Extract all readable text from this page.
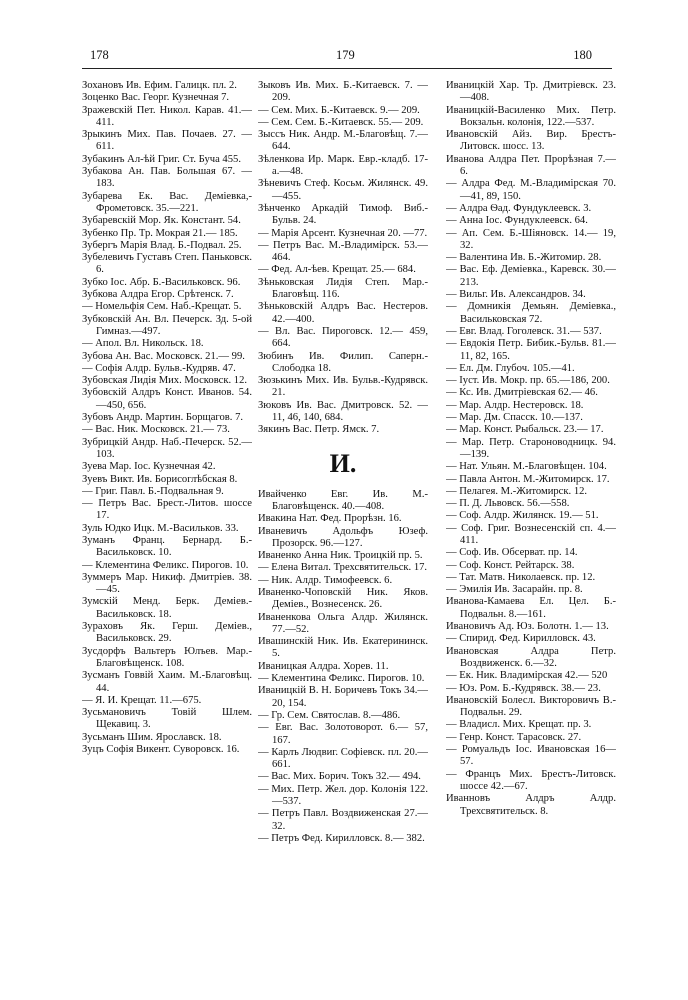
178	179	180

Зохановъ Ив. Ефим. Галицк. пл. 2.

Зоценко Вас. Георг. Кузнечная 7.

Зражевскій Пет. Никол. Карав. 41.—411.

Зрыкинъ Мих. Пав. Почаев. 27. —611.

Зубакинъ Ал-ѣй Григ. Ст. Буча 455.

Зубакова Ан. Пав. Большая 67. —183.

Зубарева Ек. Вас. Деміевка,-Фрометовск. 35.—221.

Зубаревскій Мор. Як. Констант. 54.

Зубенко Пр. Тр. Мокрая 21.— 185.

Зубергъ Марія Влад. Б.-Подвал. 25.

Зубелевичъ Густавъ Степ. Паньковск. 6.

Зубко Іос. Абр. Б.-Васильковск. 96.

Зубкова Алдра Егор. Срѣтенск. 7.

— Номельфія Сем. Наб.-Крещат. 5.

Зубковскій Ан. Вл. Печерск. Зд. 5-ой Гимназ.—497.

— Апол. Вл. Никольск. 18.

Зубова Ан. Вас. Московск. 21.— 99.

— Софія Алдр. Бульв.-Кудряв. 47.

Зубовская Лидія Мих. Московск. 12.

Зубовскій Алдръ Конст. Иванов. 54.—450, 656.

Зубовъ Андр. Мартин. Борщагов. 7.

— Вас. Ник. Московск. 21.— 73.

Зубрицкій Андр. Наб.-Печерск. 52.—103.

Зуева Мар. Іос. Кузнечная 42.

Зуевъ Викт. Ив. Борисоглѣбская 8.

— Григ. Павл. Б.-Подвальная 9.

— Петръ Вас. Брест.-Литов. шоссе 17.

Зуль Юдко Ицк. М.-Васильков. 33.

Зуманъ Франц. Бернард. Б.-Васильковск. 10.

— Клементина Феликс. Пирогов. 10.

Зуммеръ Мар. Никиф. Дмитріев. 38.—45.

Зумскій Менд. Берк. Деміев.-Васильковск. 18.

Зураховъ Як. Герш. Деміев., Васильковск. 29.

Зусдорфъ Вальтеръ Юлъев. Мар.-Благовѣщенск. 108.

Зусманъ Говвій Хаим. М.-Благовѣщ. 44.

— Я. И. Крещат. 11.—675.

Зусьмановичъ Товій Шлем. Щекавиц. 3.

Зусьманъ Шим. Ярославск. 18.

Зуцъ Софія Викент. Суворовск. 16.

Зыковъ Ив. Мих. Б.-Китаевск. 7. —209.

— Сем. Мих. Б.-Китаевск. 9.— 209.

— Сем. Сем. Б.-Китаевск. 55.— 209.

Зыссъ Ник. Андр. М.-Благовѣщ. 7.—644.

Зѣленкова Ир. Марк. Евр.-кладб. 17-а.—48.

Зѣневичъ Стеф. Косьм. Жилянск. 49.—455.

Зѣнченко Аркадій Тимоф. Виб.-Бульв. 24.

— Марія Арсент. Кузнечная 20. —77.

— Петръ Вас. М.-Владимірск. 53.—464.

— Фед. Ал-ѣев. Крещат. 25.— 684.

Зѣньковская Лидія Степ. Мар.-Благовѣщ. 116.

Зѣньковскій Алдръ Вас. Нестеров. 42.—400.

— Вл. Вас. Пироговск. 12.— 459, 664.

Зюбинъ Ив. Филип. Саперн.-Слободка 18.

Зюзькинъ Мих. Ив. Бульв.-Кудрявск. 21.

Зюковъ Ив. Вас. Дмитровск. 52. —11, 46, 140, 684.

Зякинъ Вас. Петр. Ямск. 7.

И.

Ивайченко Евг. Ив. М.-Благовѣщенск. 40.—408.

Ивакина Нат. Фед. Прорѣзн. 16.

Иваневичъ Адольфъ Юзеф. Прозорск. 96.—127.

Иваненко Анна Ник. Троицкій пр. 5.

— Елена Витал. Трехсвятительск. 17.

— Ник. Алдр. Тимофеевск. 6.

Иваненко-Чоповскій Ник. Яков. Деміев., Вознесенск. 26.

Иваненкова Ольга Алдр. Жилянск. 77.—52.

Ивашинскій Ник. Ив. Екатерининск. 5.

Иваницкая Алдра. Хорев. 11.

— Клементина Феликс. Пирогов. 10.

Иваницкій В. Н. Боричевъ Токъ 34.—20, 154.

— Гр. Сем. Святослав. 8.—486.

— Евг. Вас. Золотоворот. 6.— 57, 167.

— Карлъ Людвиг. Софіевск. пл. 20.—661.

— Вас. Мих. Борич. Токъ 32.— 494.

— Мих. Петр. Жел. дор. Колонія 122.—537.

— Петръ Павл. Воздвиженская 27.—32.

— Петръ Фед. Кирилловск. 8.— 382.

Иваницкій Хар. Тр. Дмитріевск. 23.—408.

Иваницкій-Василенко Мих. Петр. Вокзальн. колонія, 122.—537.

Ивановскій Айз. Вир. Брестъ-Литовск. шосс. 13.

Иванова Алдра Пет. Прорѣзная 7.—6.

— Алдра Фед. М.-Владимірская 70.—41, 89, 150.

— Алдра Ѳад. Фундуклеевск. 3.

— Анна Іос. Фундуклеевск. 64.

— Ап. Сем. Б.-Шіяновск. 14.— 19, 32.

— Валентина Ив. Б.-Житомир. 28.

— Вас. Еф. Деміевка., Каревск. 30.—213.

— Вильг. Ив. Александров. 34.

— Домникія Демьян. Деміевка., Васильковская 72.

— Евг. Влад. Гоголевск. 31.— 537.

— Евдокія Петр. Бибик.-Бульв. 81.—11, 82, 165.

— Ел. Дм. Глубоч. 105.—41.

— Іуст. Ив. Мокр. пр. 65.—186, 200.

— Кс. Ив. Дмитріевская 62.— 46.

— Мар. Алдр. Нестеровск. 18.

— Мар. Дм. Спасск. 10.—137.

— Мар. Конст. Рыбальск. 23.— 17.

— Мар. Петр. Староноводницк. 94.—139.

— Нат. Ульян. М.-Благовѣщен. 104.

— Павла Антон. М.-Житомирск. 17.

— Пелагея. М.-Житомирск. 12.

— П. Д. Львовск. 56.—558.

— Соф. Алдр. Жилянск. 19.— 51.

— Соф. Григ. Вознесенскій сп. 4.—411.

— Соф. Ив. Обсерват. пр. 14.

— Соф. Конст. Рейтарск. 38.

— Тат. Матв. Николаевск. пр. 12.

— Эмилія Ив. Засарайн. пр. 8.

Иванова-Камаева Ел. Цел. Б.-Подвальн. 8.—161.

Ивановичъ Ад. Юз. Болотн. 1.— 13.

— Спирид. Фед. Кирилловск. 43.

Ивановская Алдра Петр. Воздвиженск. 6.—32.

— Ек. Ник. Владимірская 42.— 520

— Юз. Ром. Б.-Кудрявск. 38.— 23.

Ивановскій Болесл. Викторовичъ В.-Подвальн. 29.

— Владисл. Мих. Крещат. пр. 3.

— Генр. Конст. Тарасовск. 27.

— Ромуальдъ Іос. Ивановская 16—57.

— Францъ Мих. Брестъ-Литовск. шоссе 42.—67.

Иванновъ Алдръ Алдр. Трехсвятительск. 8.
